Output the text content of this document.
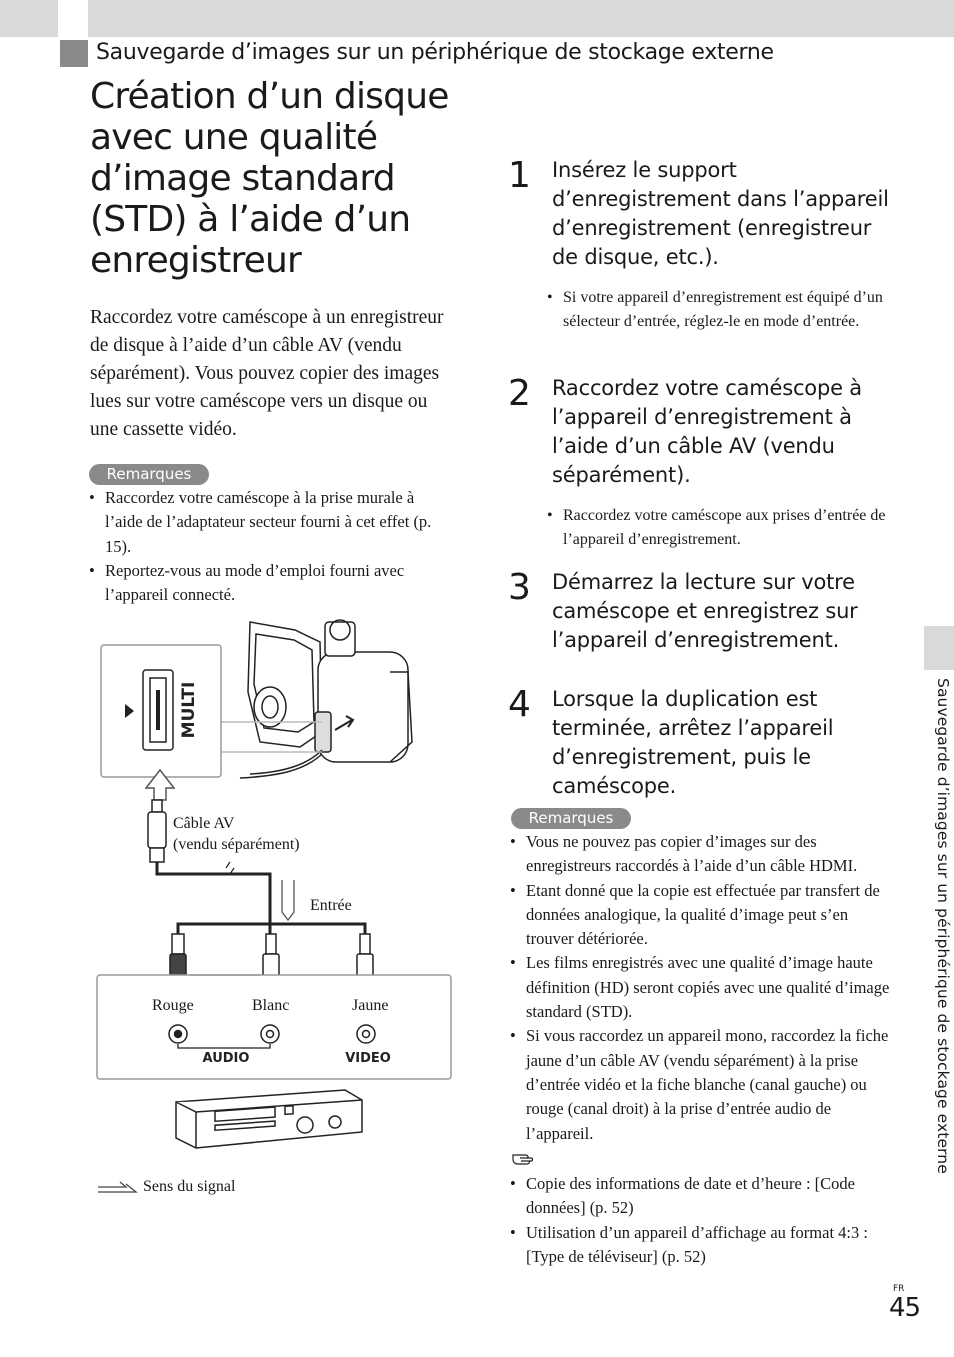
Sauvegarde d’images sur un périphérique de stockage externe
Création d’un disque avec une qualité d’image standard (STD) à l’aide d’un enregistreur
Raccordez votre caméscope à un enregistreur de disque à l’aide d’un câble AV (vendu séparément). Vous pouvez copier des images lues sur votre caméscope vers un disque ou une cassette vidéo.
Remarques
• Raccordez votre caméscope à la prise murale à l’aide de l’adaptateur secteur fourni à cet effet (p. 15).
• Reportez-vous au mode d’emploi fourni avec l’appareil connecté.
MULTI
AUDIO	VIDEO
Câble AV
(vendu séparément)
Entrée
Rouge	Blanc	Jaune
Sens du signal
1 Insérez le support d’enregistrement dans l’appareil d’enregistrement (enregistreur de disque, etc.).
• Si votre appareil d’enregistrement est équipé d’un sélecteur d’entrée, réglez-le en mode d’entrée.
2 Raccordez votre caméscope à l’appareil d’enregistrement à l’aide d’un câble AV (vendu séparément).
• Raccordez votre caméscope aux prises d’entrée de l’appareil d’enregistrement.
3 Démarrez la lecture sur votre caméscope et enregistrez sur l’appareil d’enregistrement.
4 Lorsque la duplication est terminée, arrêtez l’appareil d’enregistrement, puis le caméscope.
Remarques
• Vous ne pouvez pas copier d’images sur des enregistreurs raccordés à l’aide d’un câble HDMI.
• Etant donné que la copie est effectuée par transfert de données analogique, la qualité d’image peut s’en trouver détériorée.
• Les films enregistrés avec une qualité d’image haute définition (HD) seront copiés avec une qualité d’image standard (STD).
• Si vous raccordez un appareil mono, raccordez la fiche jaune d’un câble AV (vendu séparément) à la prise d’entrée vidéo et la fiche blanche (canal gauche) ou rouge (canal droit) à la prise d’entrée audio de l’appareil.
• Copie des informations de date et d’heure : [Code données] (p. 52)
• Utilisation d’un appareil d’affichage au format 4:3 : [Type de téléviseur] (p. 52)
Sauvegarde d’images sur un périphérique de stockage externe
FR
45
